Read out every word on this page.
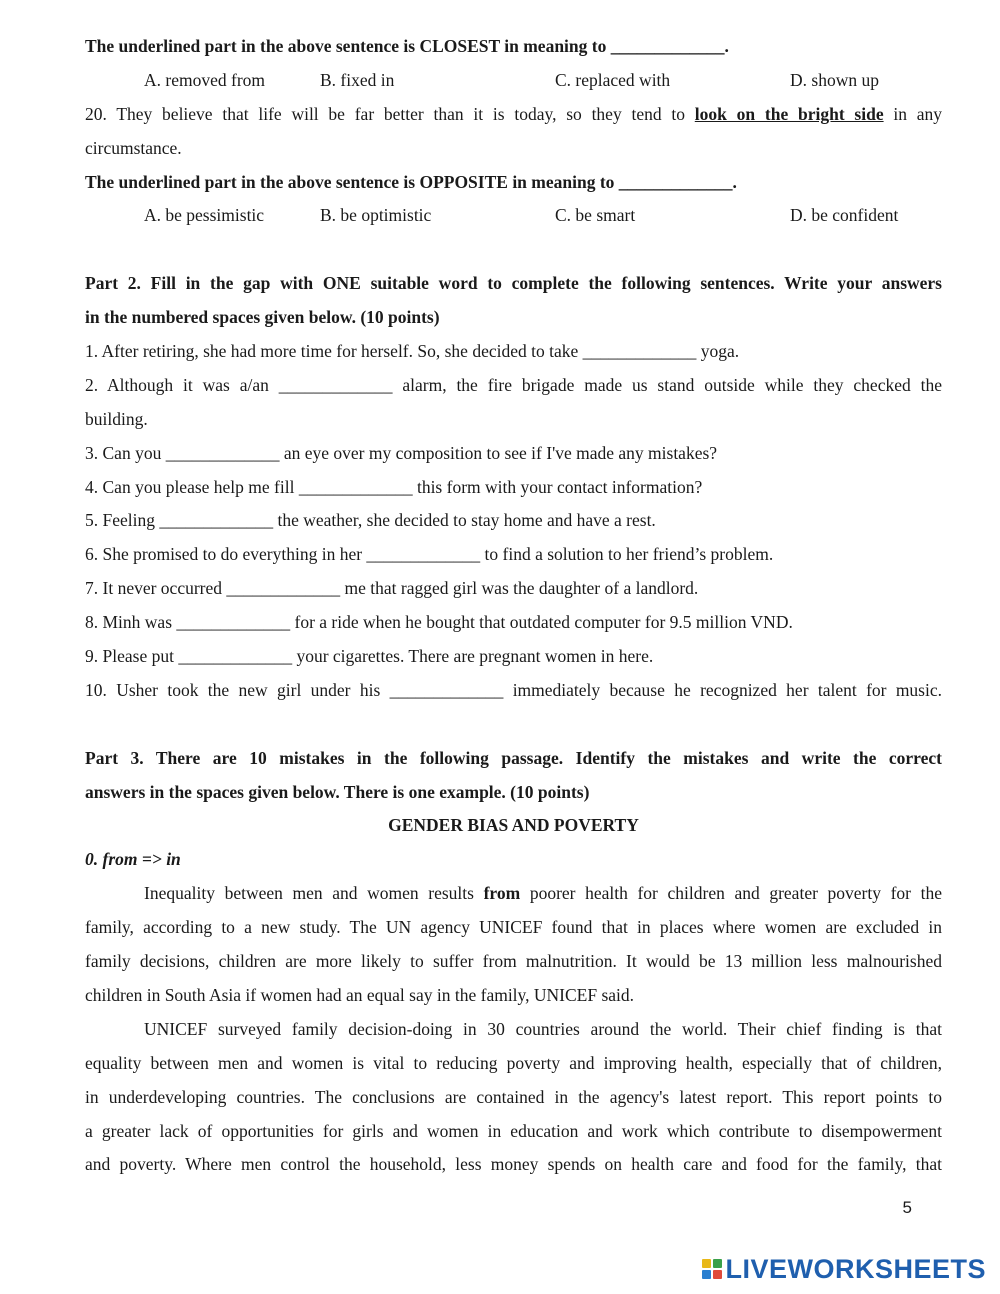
The underlined part in the above sentence is CLOSEST in meaning to _____________.
A. removed from	B. fixed in	C. replaced with	D. shown up
20. They believe that life will be far better than it is today, so they tend to look on the bright side in any
circumstance.
The underlined part in the above sentence is OPPOSITE in meaning to _____________.
A. be pessimistic	B. be optimistic	C. be smart	D. be confident
Part 2. Fill in the gap with ONE suitable word to complete the following sentences. Write your answers
in the numbered spaces given below. (10 points)
1. After retiring, she had more time for herself. So, she decided to take _____________ yoga.
2. Although it was a/an _____________ alarm, the fire brigade made us stand outside while they checked the
building.
3. Can you _____________ an eye over my composition to see if I've made any mistakes?
4. Can you please help me fill _____________ this form with your contact information?
5. Feeling _____________ the weather, she decided to stay home and have a rest.
6. She promised to do everything in her _____________ to find a solution to her friend’s problem.
7. It never occurred _____________ me that ragged girl was the daughter of a landlord.
8. Minh was _____________ for a ride when he bought that outdated computer for 9.5 million VND.
9. Please put _____________ your cigarettes. There are pregnant women in here.
10. Usher took the new girl under his _____________ immediately because he recognized her talent for music.
Part 3. There are 10 mistakes in the following passage. Identify the mistakes and write the correct
answers in the spaces given below. There is one example. (10 points)
GENDER BIAS AND POVERTY
0. from => in
Inequality between men and women results from poorer health for children and greater poverty for the
family, according to a new study. The UN agency UNICEF found that in places where women are excluded in
family decisions, children are more likely to suffer from malnutrition. It would be 13 million less malnourished
children in South Asia if women had an equal say in the family, UNICEF said.
UNICEF surveyed family decision-doing in 30 countries around the world. Their chief finding is that
equality between men and women is vital to reducing poverty and improving health, especially that of children,
in underdeveloping countries. The conclusions are contained in the agency's latest report. This report points to
a greater lack of opportunities for girls and women in education and work which contribute to disempowerment
and poverty. Where men control the household, less money spends on health care and food for the family, that
5
LIVEWORKSHEETS
